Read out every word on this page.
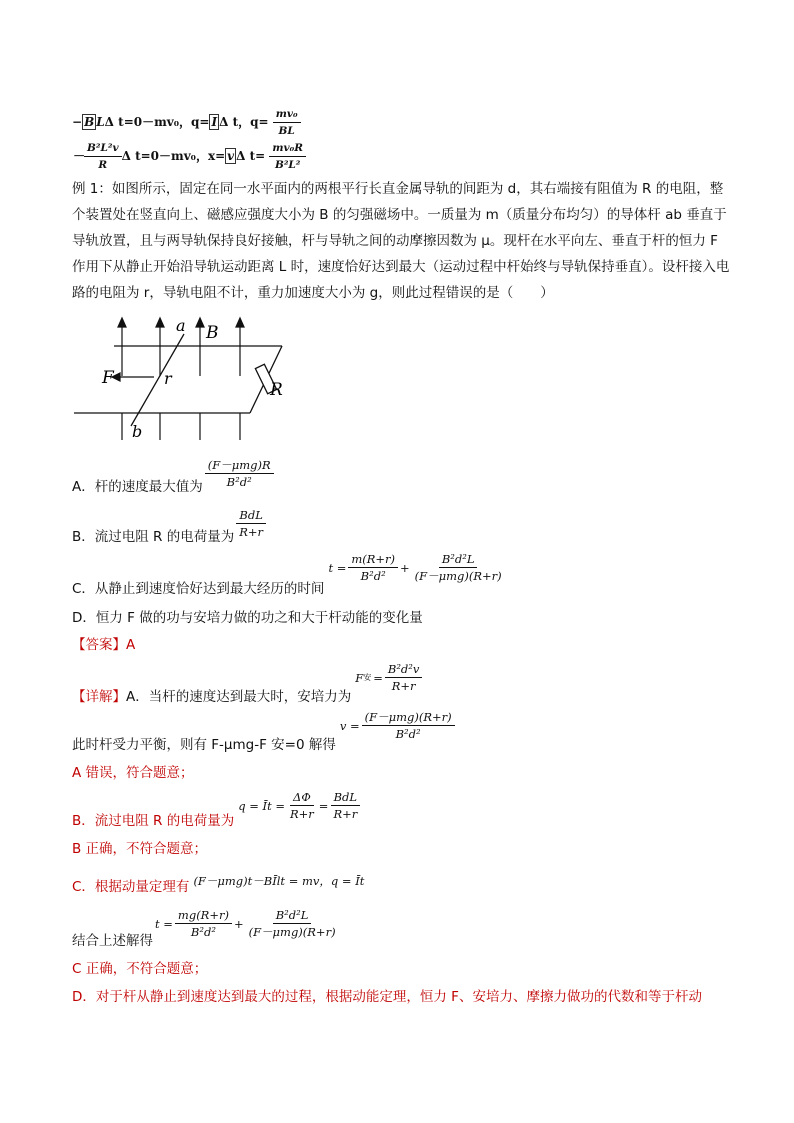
− B LΔ t=0－mv₀，q= I Δ t，$q= \frac{\text{mv₀}}{BL}$
－ $\frac{\text{B²L²v}}{R}$ Δ t=0－mv₀，x= v Δ $t= \frac{\text{mv₀R}}{\text{B²L²}}$
例 1：如图所示，固定在同一水平面内的两根平行长直金属导轨的间距为 d，其右端接有阻值为 R 的电阻，整个装置处在竖直向上、磁感应强度大小为 B 的匀强磁场中。一质量为 m（质量分布均匀）的导体杆 ab 垂直于导轨放置，且与两导轨保持良好接触，杆与导轨之间的动摩擦因数为 μ。现杆在水平向左、垂直于杆的恒力 F 作用下从静止开始沿导轨运动距离 L 时，速度恰好达到最大（运动过程中杆始终与导轨保持垂直）。设杆接入电路的电阻为 r，导轨电阻不计，重力加速度大小为 g，则此过程错误的是（　　）
a B
F	r
R
b
A．杆的速度最大值为 $\frac{\text{(F－μmg)R}}{\text{B²d²}}$
B．流过电阻 R 的电荷量为 $\frac{\text{BdL}}{R+r}$
C．从静止到速度恰好达到最大经历的时间
$t = \frac{m(R+r)}{\text{B²d²}} + \frac{\text{B²d²L}}{\text{(F－μmg)(R+r)}}$
D．恒力 F 做的功与安培力做的功之和大于杆动能的变化量
【答案】A
【详解】 A．当杆的速度达到最大时，安培力为
F 安 = $\frac{\text{B²d²v}}{R+r}$
此时杆受力平衡，则有 F-μmg-F 安=0 解得
$v = \frac{\text{(F－μmg)(R+r)}}{\text{B²d²}}$
A 错误，符合题意；
B．流过电阻 R 的电荷量为
q = Īt = $\frac{\Delta\Phi}{R+r} = \frac{\text{BdL}}{R+r}$
B 正确，不符合题意；
C．根据动量定理有 (F－μmg)t－BĪlt = mv ，q = Īt
结合上述解得
$t = \frac{mg(R+r)}{\text{B²d²}} + \frac{\text{B²d²L}}{\text{(F－μmg)(R+r)}}$
C 正确，不符合题意；
D．对于杆从静止到速度达到最大的过程，根据动能定理，恒力 F、安培力、摩擦力做功的代数和等于杆动
